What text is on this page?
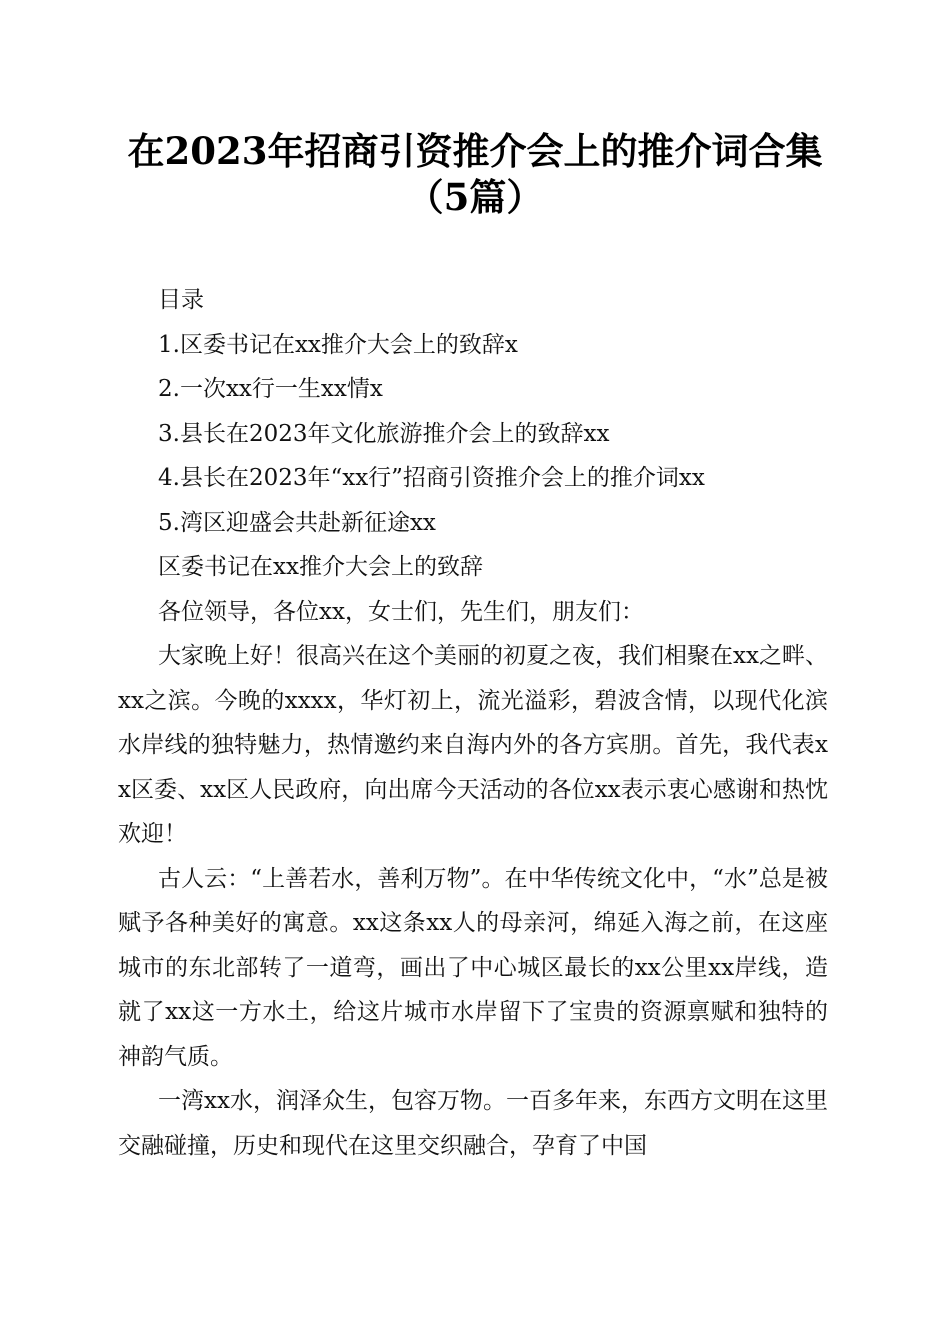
在2023年招商引资推介会上的推介词合集（5篇）

目录

1.区委书记在xx推介大会上的致辞x

2.一次xx行一生xx情x

3.县长在2023年文化旅游推介会上的致辞xx

4.县长在2023年“xx行”招商引资推介会上的推介词xx

5.湾区迎盛会共赴新征途xx

区委书记在xx推介大会上的致辞

各位领导，各位xx，女士们，先生们，朋友们：

大家晚上好！很高兴在这个美丽的初夏之夜，我们相聚在xx之畔、xx之滨。今晚的xxxx，华灯初上，流光溢彩，碧波含情，以现代化滨水岸线的独特魅力，热情邀约来自海内外的各方宾朋。首先，我代表xx区委、xx区人民政府，向出席今天活动的各位xx表示衷心感谢和热忱欢迎！

古人云：“上善若水，善利万物”。在中华传统文化中，“水”总是被赋予各种美好的寓意。xx这条xx人的母亲河，绵延入海之前，在这座城市的东北部转了一道弯，画出了中心城区最长的xx公里xx岸线，造就了xx这一方水土，给这片城市水岸留下了宝贵的资源禀赋和独特的神韵气质。

一湾xx水，润泽众生，包容万物。一百多年来，东西方文明在这里交融碰撞，历史和现代在这里交织融合，孕育了中国
